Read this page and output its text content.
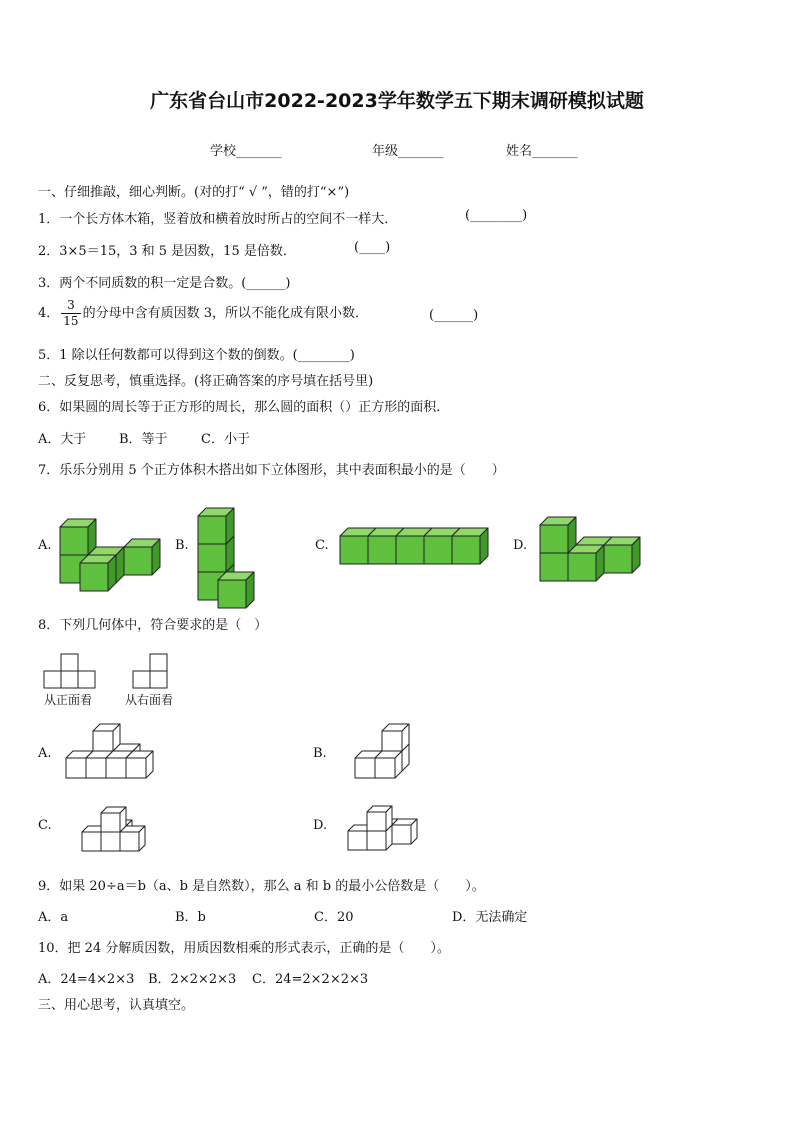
广东省台山市2022-2023学年数学五下期末调研模拟试题
学校_______	年级_______	姓名_______
一、仔细推敲，细心判断。(对的打“ √ ”，错的打“×”)
1．一个长方体木箱，竖着放和横着放时所占的空间不一样大．	(________)
2．3×5＝15，3 和 5 是因数，15 是倍数．	(____)
3．两个不同质数的积一定是合数。(______)
4． $\frac{3}{15}$ 的分母中含有质因数 3，所以不能化成有限小数．	(______)
5．1 除以任何数都可以得到这个数的倒数。(________)
二、反复思考，慎重选择。(将正确答案的序号填在括号里)
6．如果圆的周长等于正方形的周长，那么圆的面积（）正方形的面积．
A．大于	B．等于	C．小于
7．乐乐分别用 5 个正方体积木搭出如下立体图形，其中表面积最小的是（　　）
A.	B.	C.	D.
8．下列几何体中，符合要求的是（　）
从正面看	从右面看
A.	B.
C.	D.
9．如果 20÷a＝b（a、b 是自然数），那么 a 和 b 的最小公倍数是（　　）。
A．a	B．b	C．20	D．无法确定
10．把 24 分解质因数，用质因数相乘的形式表示，正确的是（　　）。
A．24=4×2×3 B．2×2×2×3 C．24=2×2×2×3
三、用心思考，认真填空。
